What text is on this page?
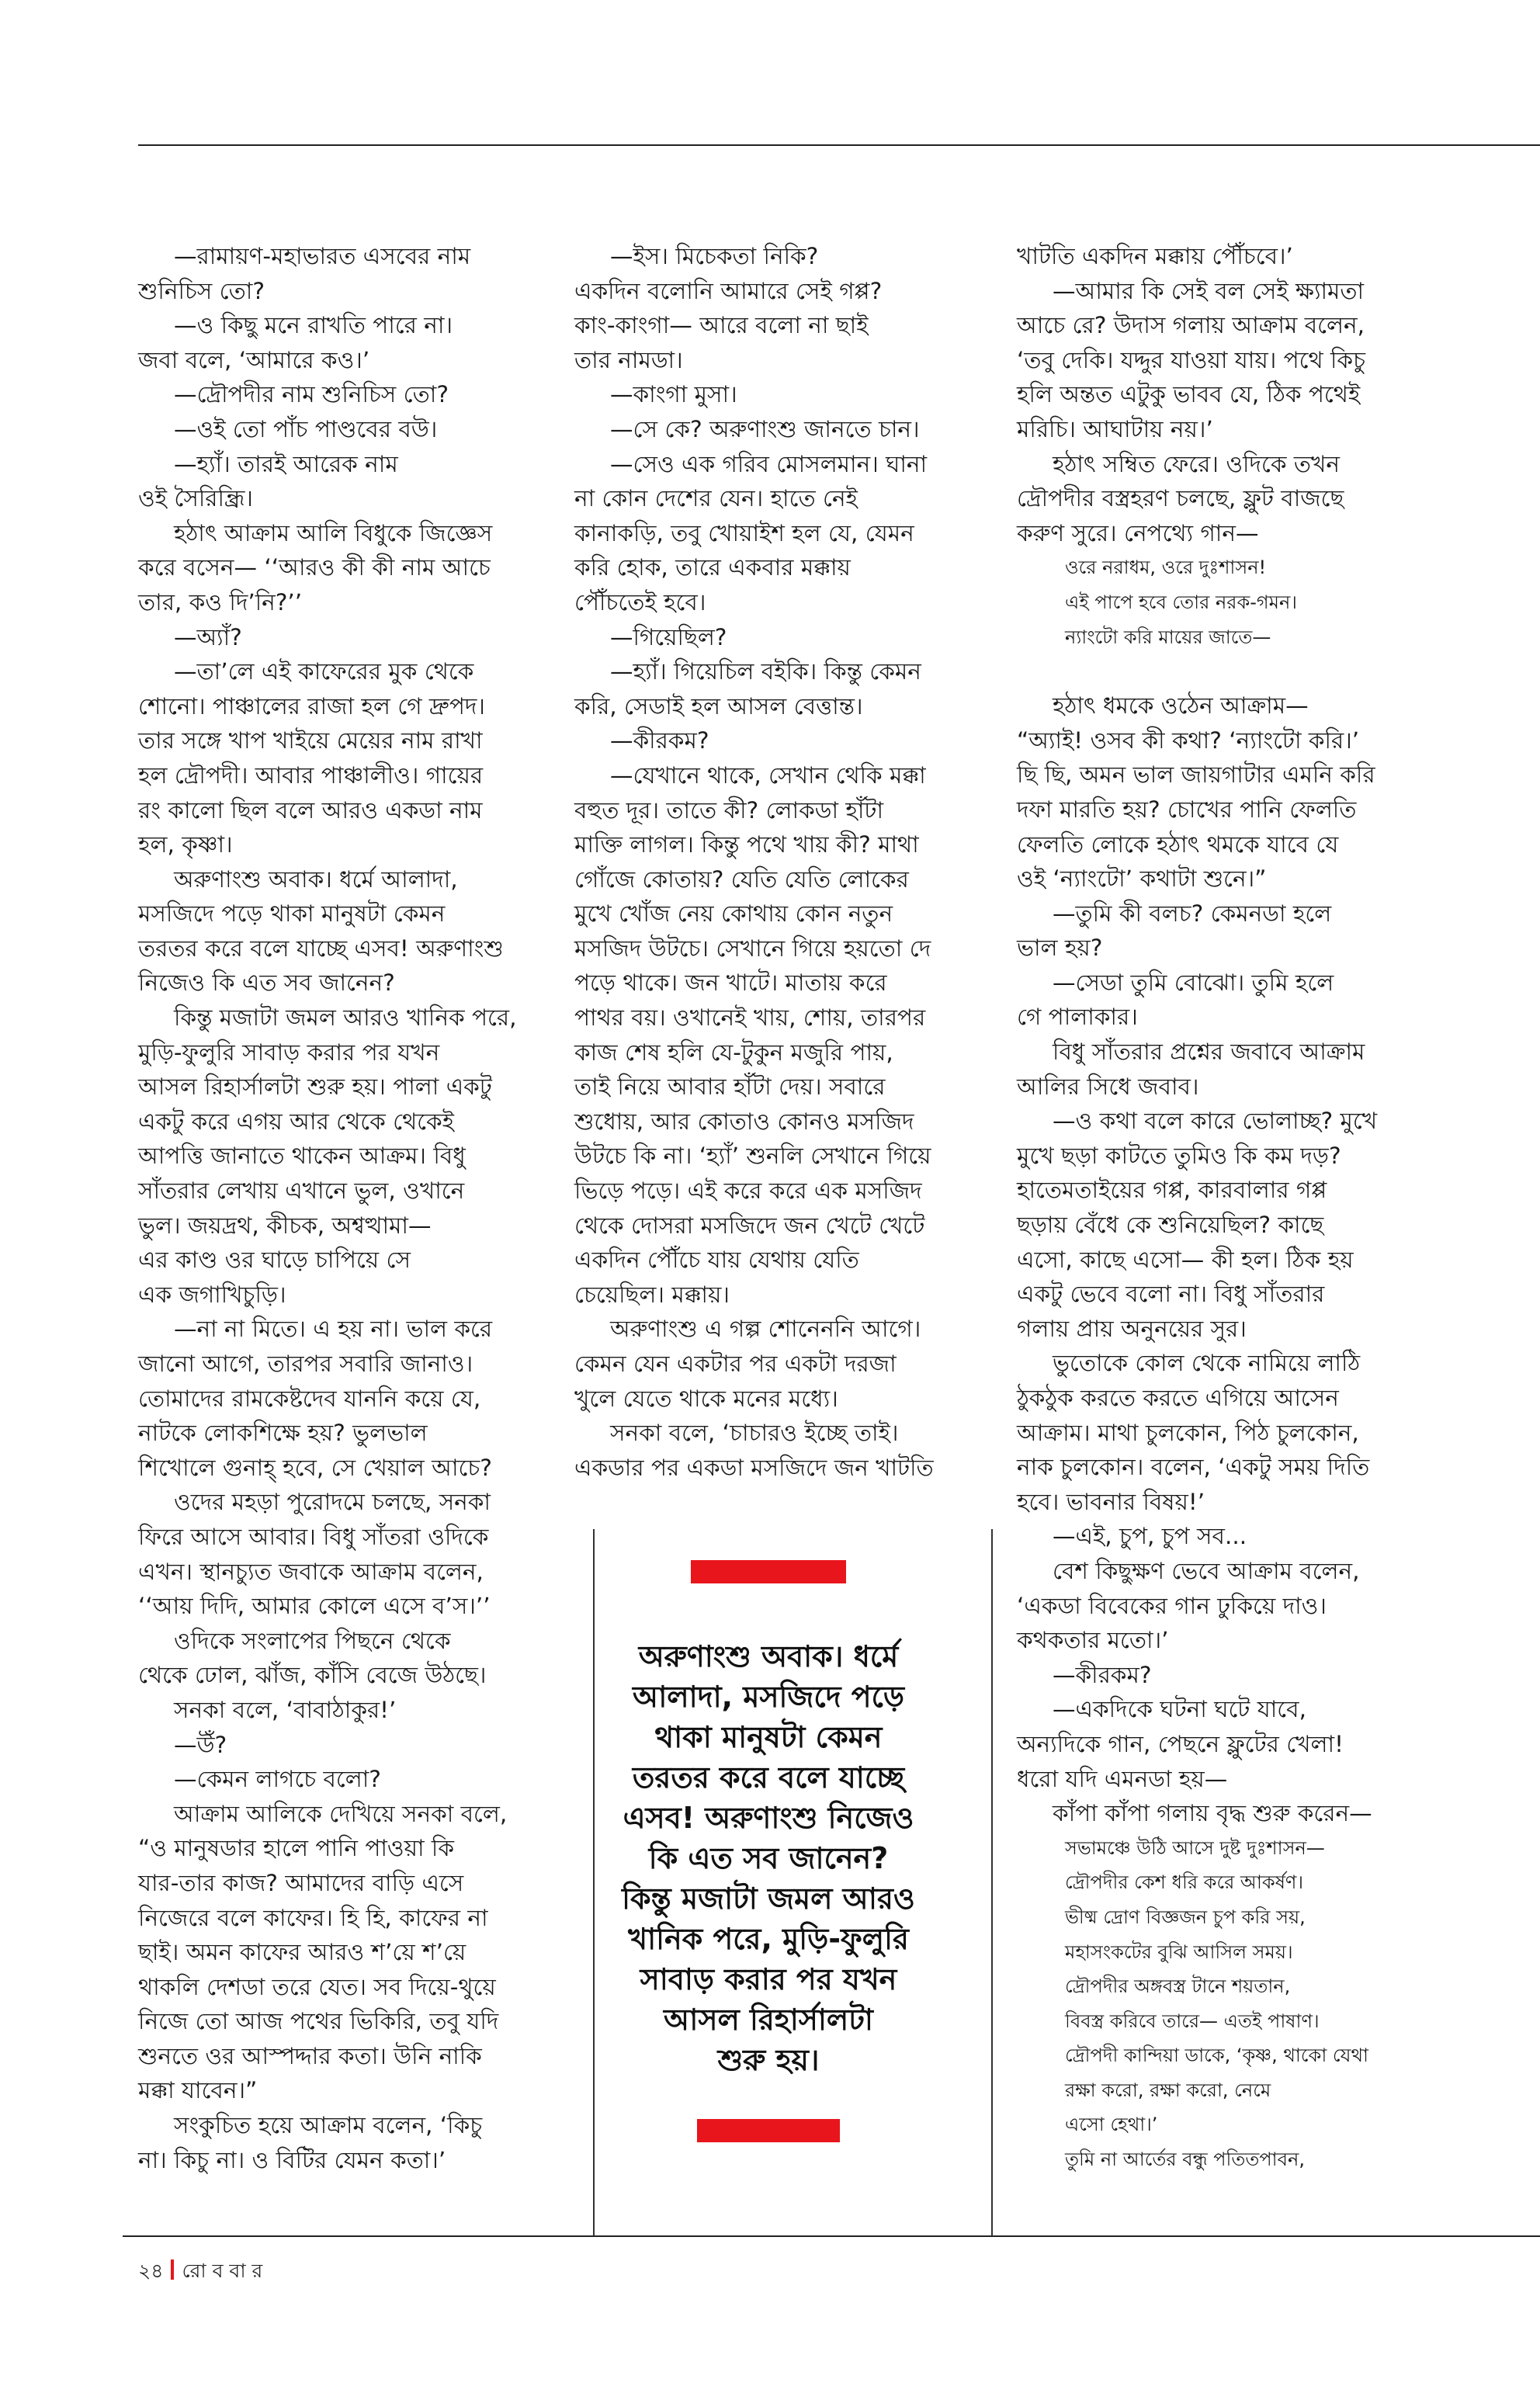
—রামায়ণ-মহাভারত এসবের নাম

শুনিচিস তো?

—ও কিছু মনে রাখতি পারে না।

জবা বলে, ‘আমারে কও।’

—দ্রৌপদীর নাম শুনিচিস তো?

—ওই তো পাঁচ পাণ্ডবের বউ।

—হ্যাঁ। তারই আরেক নাম

ওই সৈরিন্ধ্রি।

হঠাৎ আক্রাম আলি বিধুকে জিজ্ঞেস

করে বসেন— ‘‘আরও কী কী নাম আচে

তার, কও দি’নি?’’

—অ্যাঁ?

—তা’লে এই কাফেরের মুক থেকে

শোনো। পাঞ্চালের রাজা হল গে দ্রুপদ।

তার সঙ্গে খাপ খাইয়ে মেয়ের নাম রাখা

হল দ্রৌপদী। আবার পাঞ্চালীও। গায়ের

রং কালো ছিল বলে আরও একডা নাম

হল, কৃষ্ণা।

অরুণাংশু অবাক। ধর্মে আলাদা,

মসজিদে পড়ে থাকা মানুষটা কেমন

তরতর করে বলে যাচ্ছে এসব! অরুণাংশু

নিজেও কি এত সব জানেন?

কিন্তু মজাটা জমল আরও খানিক পরে,

মুড়ি-ফুলুরি সাবাড় করার পর যখন

আসল রিহার্সালটা শুরু হয়। পালা একটু

একটু করে এগয় আর থেকে থেকেই

আপত্তি জানাতে থাকেন আক্রম। বিধু

সাঁতরার লেখায় এখানে ভুল, ওখানে

ভুল। জয়দ্রথ, কীচক, অশ্বত্থামা—

এর কাণ্ড ওর ঘাড়ে চাপিয়ে সে

এক জগাখিচুড়ি।

—না না মিতে। এ হয় না। ভাল করে

জানো আগে, তারপর সবারি জানাও।

তোমাদের রামকেষ্টদেব যাননি কয়ে যে,

নাটকে লোকশিক্ষে হয়? ভুলভাল

শিখোলে গুনাহ্ হবে, সে খেয়াল আচে?

ওদের মহড়া পুরোদমে চলছে, সনকা

ফিরে আসে আবার। বিধু সাঁতরা ওদিকে

এখন। স্থানচ্যুত জবাকে আক্রাম বলেন,

‘‘আয় দিদি, আমার কোলে এসে ব’স।’’

ওদিকে সংলাপের পিছনে থেকে

থেকে ঢোল, ঝাঁজ, কাঁসি বেজে উঠছে।

সনকা বলে, ‘বাবাঠাকুর!’

—উঁ?

—কেমন লাগচে বলো?

আক্রাম আলিকে দেখিয়ে সনকা বলে,

“ও মানুষডার হালে পানি পাওয়া কি

যার-তার কাজ? আমাদের বাড়ি এসে

নিজেরে বলে কাফের। হি হি, কাফের না

ছাই। অমন কাফের আরও শ’য়ে শ’য়ে

থাকলি দেশডা তরে যেত। সব দিয়ে-থুয়ে

নিজে তো আজ পথের ভিকিরি, তবু যদি

শুনতে ওর আস্পদ্দার কতা। উনি নাকি

মক্কা যাবেন।”

সংকুচিত হয়ে আক্রাম বলেন, ‘কিচু

না। কিচু না। ও বিটির যেমন কতা।’

—ইস। মিচেকতা নিকি?

একদিন বলোনি আমারে সেই গপ্প?

কাং-কাংগা— আরে বলো না ছাই

তার নামডা।

—কাংগা মুসা।

—সে কে? অরুণাংশু জানতে চান।

—সেও এক গরিব মোসলমান। ঘানা

না কোন দেশের যেন। হাতে নেই

কানাকড়ি, তবু খোয়াইশ হল যে, যেমন

করি হোক, তারে একবার মক্কায়

পৌঁচতেই হবে।

—গিয়েছিল?

—হ্যাঁ। গিয়েচিল বইকি। কিন্তু কেমন

করি, সেডাই হল আসল বেত্তান্ত।

—কীরকম?

—যেখানে থাকে, সেখান থেকি মক্কা

বহুত দূর। তাতে কী? লোকডা হাঁটা

মাক্তি লাগল। কিন্তু পথে খায় কী? মাথা

গোঁজে কোতায়? যেতি যেতি লোকের

মুখে খোঁজ নেয় কোথায় কোন নতুন

মসজিদ উটচে। সেখানে গিয়ে হয়তো দে

পড়ে থাকে। জন খাটে। মাতায় করে

পাথর বয়। ওখানেই খায়, শোয়, তারপর

কাজ শেষ হলি যে-টুকুন মজুরি পায়,

তাই নিয়ে আবার হাঁটা দেয়। সবারে

শুধোয়, আর কোতাও কোনও মসজিদ

উটচে কি না। ‘হ্যাঁ’ শুনলি সেখানে গিয়ে

ভিড়ে পড়ে। এই করে করে এক মসজিদ

থেকে দোসরা মসজিদে জন খেটে খেটে

একদিন পৌঁচে যায় যেথায় যেতি

চেয়েছিল। মক্কায়।

অরুণাংশু এ গল্প শোনেননি আগে।

কেমন যেন একটার পর একটা দরজা

খুলে যেতে থাকে মনের মধ্যে।

সনকা বলে, ‘চাচারও ইচ্ছে তাই।

একডার পর একডা মসজিদে জন খাটতি

খাটতি একদিন মক্কায় পৌঁচবে।’

—আমার কি সেই বল সেই ক্ষ্যামতা

আচে রে? উদাস গলায় আক্রাম বলেন,

‘তবু দেকি। যদ্দুর যাওয়া যায়। পথে কিচু

হলি অন্তত এটুকু ভাবব যে, ঠিক পথেই

মরিচি। আঘাটায় নয়।’

হঠাৎ সম্বিত ফেরে। ওদিকে তখন

দ্রৌপদীর বস্ত্রহরণ চলছে, ফ্লুট বাজছে

করুণ সুরে। নেপথ্যে গান—

ওরে নরাধম, ওরে দুঃশাসন!

এই পাপে হবে তোর নরক-গমন।

ন্যাংটো করি মায়ের জাতে—

হঠাৎ ধমকে ওঠেন আক্রাম—

“অ্যাই! ওসব কী কথা? ‘ন্যাংটো করি।’

ছি ছি, অমন ভাল জায়গাটার এমনি করি

দফা মারতি হয়? চোখের পানি ফেলতি

ফেলতি লোকে হঠাৎ থমকে যাবে যে

ওই ‘ন্যাংটো’ কথাটা শুনে।”

—তুমি কী বলচ? কেমনডা হলে

ভাল হয়?

—সেডা তুমি বোঝো। তুমি হলে

গে পালাকার।

বিধু সাঁতরার প্রশ্নের জবাবে আক্রাম

আলির সিধে জবাব।

—ও কথা বলে কারে ভোলাচ্ছ? মুখে

মুখে ছড়া কাটতে তুমিও কি কম দড়?

হাতেমতাইয়ের গপ্প, কারবালার গপ্প

ছড়ায় বেঁধে কে শুনিয়েছিল? কাছে

এসো, কাছে এসো— কী হল। ঠিক হয়

একটু ভেবে বলো না। বিধু সাঁতরার

গলায় প্রায় অনুনয়ের সুর।

ভুতোকে কোল থেকে নামিয়ে লাঠি

ঠুকঠুক করতে করতে এগিয়ে আসেন

আক্রাম। মাথা চুলকোন, পিঠ চুলকোন,

নাক চুলকোন। বলেন, ‘একটু সময় দিতি

হবে। ভাবনার বিষয়!’

—এই, চুপ, চুপ সব...

বেশ কিছুক্ষণ ভেবে আক্রাম বলেন,

‘একডা বিবেকের গান ঢুকিয়ে দাও।

কথকতার মতো।’

—কীরকম?

—একদিকে ঘটনা ঘটে যাবে,

অন্যদিকে গান, পেছনে ফ্লুটের খেলা!

ধরো যদি এমনডা হয়—

কাঁপা কাঁপা গলায় বৃদ্ধ শুরু করেন—

সভামঞ্চে উঠি আসে দুষ্ট দুঃশাসন—

দ্রৌপদীর কেশ ধরি করে আকর্ষণ।

ভীষ্ম দ্রোণ বিজ্ঞজন চুপ করি সয়,

মহাসংকটের বুঝি আসিল সময়।

দ্রৌপদীর অঙ্গবস্ত্র টানে শয়তান,

বিবস্ত্র করিবে তারে— এতই পাষাণ।

দ্রৌপদী কান্দিয়া ডাকে, ‘কৃষ্ণ, থাকো যেথা

রক্ষা করো, রক্ষা করো, নেমে

এসো হেথা।’

তুমি না আর্তের বন্ধু পতিতপাবন,

অরুণাংশু অবাক। ধর্মে

আলাদা, মসজিদে পড়ে

থাকা মানুষটা কেমন

তরতর করে বলে যাচ্ছে

এসব! অরুণাংশু নিজেও

কি এত সব জানেন?

কিন্তু মজাটা জমল আরও

খানিক পরে, মুড়ি-ফুলুরি

সাবাড় করার পর যখন

আসল রিহার্সালটা

শুরু হয়।

২৪ রো ব বা র
